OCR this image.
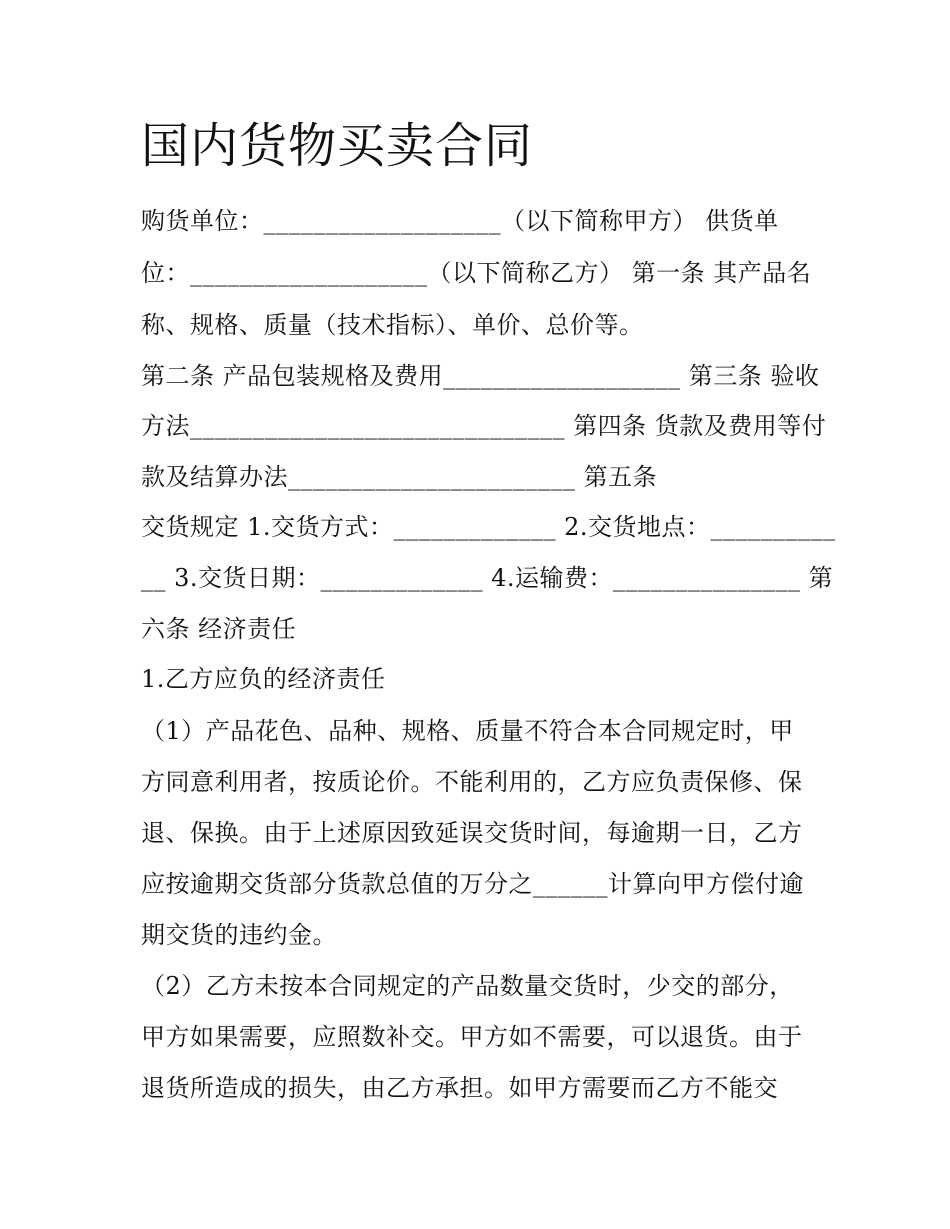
国内货物买卖合同
购货单位：___________________（以下简称甲方） 供货单
位：___________________（以下简称乙方） 第一条 其产品名
称、规格、质量（技术指标）、单价、总价等。
第二条 产品包装规格及费用___________________ 第三条 验收
方法______________________________ 第四条 货款及费用等付
款及结算办法_______________________ 第五条
交货规定 1.交货方式：_____________ 2.交货地点：__________
__ 3.交货日期：_____________ 4.运输费：_______________ 第
六条 经济责任
1.乙方应负的经济责任
（1）产品花色、品种、规格、质量不符合本合同规定时，甲
方同意利用者，按质论价。不能利用的，乙方应负责保修、保
退、保换。由于上述原因致延误交货时间，每逾期一日，乙方
应按逾期交货部分货款总值的万分之______计算向甲方偿付逾
期交货的违约金。
（2）乙方未按本合同规定的产品数量交货时，少交的部分，
甲方如果需要，应照数补交。甲方如不需要，可以退货。由于
退货所造成的损失，由乙方承担。如甲方需要而乙方不能交
